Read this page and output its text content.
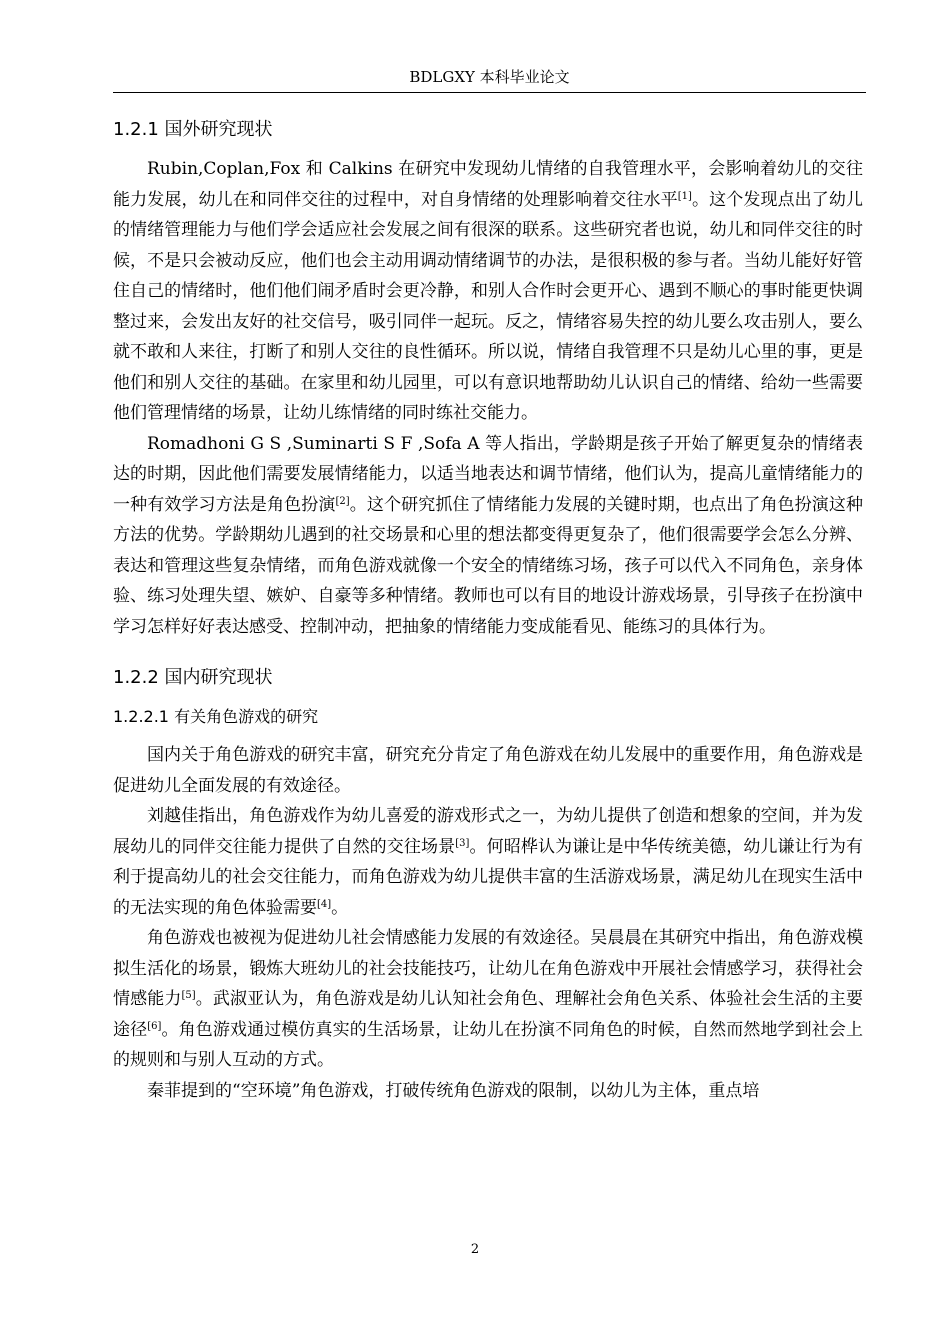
BDLGXY 本科毕业论文
1.2.1 国外研究现状

Rubin,Coplan,Fox 和 Calkins 在研究中发现幼儿情绪的自我管理水平，会影响着幼儿的交往能力发展，幼儿在和同伴交往的过程中，对自身情绪的处理影响着交往水平[1]。这个发现点出了幼儿的情绪管理能力与他们学会适应社会发展之间有很深的联系。这些研究者也说，幼儿和同伴交往的时候，不是只会被动反应，他们也会主动用调动情绪调节的办法，是很积极的参与者。当幼儿能好好管住自己的情绪时，他们他们闹矛盾时会更冷静，和别人合作时会更开心、遇到不顺心的事时能更快调整过来，会发出友好的社交信号，吸引同伴一起玩。反之，情绪容易失控的幼儿要么攻击别人，要么就不敢和人来往，打断了和别人交往的良性循环。所以说，情绪自我管理不只是幼儿心里的事，更是他们和别人交往的基础。在家里和幼儿园里，可以有意识地帮助幼儿认识自己的情绪、给幼一些需要他们管理情绪的场景，让幼儿练情绪的同时练社交能力。

Romadhoni G S ,Suminarti S F ,Sofa A 等人指出，学龄期是孩子开始了解更复杂的情绪表达的时期，因此他们需要发展情绪能力，以适当地表达和调节情绪，他们认为，提高儿童情绪能力的一种有效学习方法是角色扮演[2]。这个研究抓住了情绪能力发展的关键时期，也点出了角色扮演这种方法的优势。学龄期幼儿遇到的社交场景和心里的想法都变得更复杂了，他们很需要学会怎么分辨、表达和管理这些复杂情绪，而角色游戏就像一个安全的情绪练习场，孩子可以代入不同角色，亲身体验、练习处理失望、嫉妒、自豪等多种情绪。教师也可以有目的地设计游戏场景，引导孩子在扮演中学习怎样好好表达感受、控制冲动，把抽象的情绪能力变成能看见、能练习的具体行为。

1.2.2 国内研究现状
1.2.2.1 有关角色游戏的研究

国内关于角色游戏的研究丰富，研究充分肯定了角色游戏在幼儿发展中的重要作用，角色游戏是促进幼儿全面发展的有效途径。

刘越佳指出，角色游戏作为幼儿喜爱的游戏形式之一，为幼儿提供了创造和想象的空间，并为发展幼儿的同伴交往能力提供了自然的交往场景[3]。何昭桦认为谦让是中华传统美德，幼儿谦让行为有利于提高幼儿的社会交往能力，而角色游戏为幼儿提供丰富的生活游戏场景，满足幼儿在现实生活中的无法实现的角色体验需要[4]。

角色游戏也被视为促进幼儿社会情感能力发展的有效途径。吴晨晨在其研究中指出，角色游戏模拟生活化的场景，锻炼大班幼儿的社会技能技巧，让幼儿在角色游戏中开展社会情感学习，获得社会情感能力[5]。武淑亚认为，角色游戏是幼儿认知社会角色、理解社会角色关系、体验社会生活的主要途径[6]。角色游戏通过模仿真实的生活场景，让幼儿在扮演不同角色的时候，自然而然地学到社会上的规则和与别人互动的方式。

秦菲提到的“空环境”角色游戏，打破传统角色游戏的限制，以幼儿为主体，重点培

2
